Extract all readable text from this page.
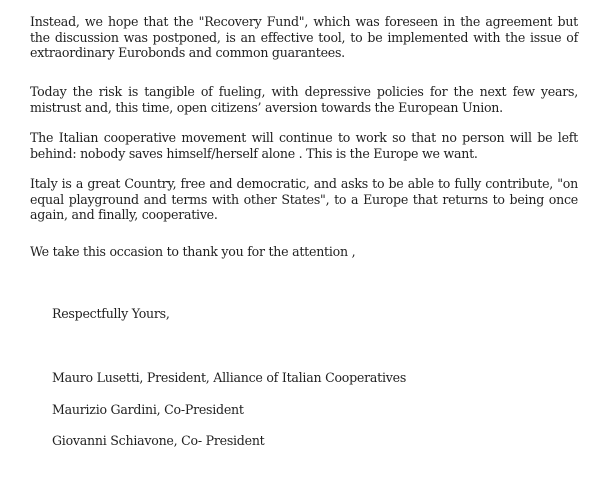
Instead, we hope that the "Recovery Fund", which was foreseen in the agreement but the discussion was postponed, is an effective tool, to be implemented with the issue of extraordinary Eurobonds and common guarantees.

Today the risk is tangible of fueling, with depressive policies for the next few years, mistrust and, this time, open citizens’ aversion towards the European Union.

The Italian cooperative movement will continue to work so that no person will be left behind: nobody saves himself/herself alone . This is the Europe we want.

Italy is a great Country, free and democratic, and asks to be able to fully contribute, "on equal playground and terms with other States", to a Europe that returns to being once again, and finally, cooperative.

We take this occasion to thank you for the attention ,

Respectfully Yours,

Mauro Lusetti, President, Alliance of Italian Cooperatives

Maurizio Gardini, Co-President

Giovanni Schiavone, Co- President
